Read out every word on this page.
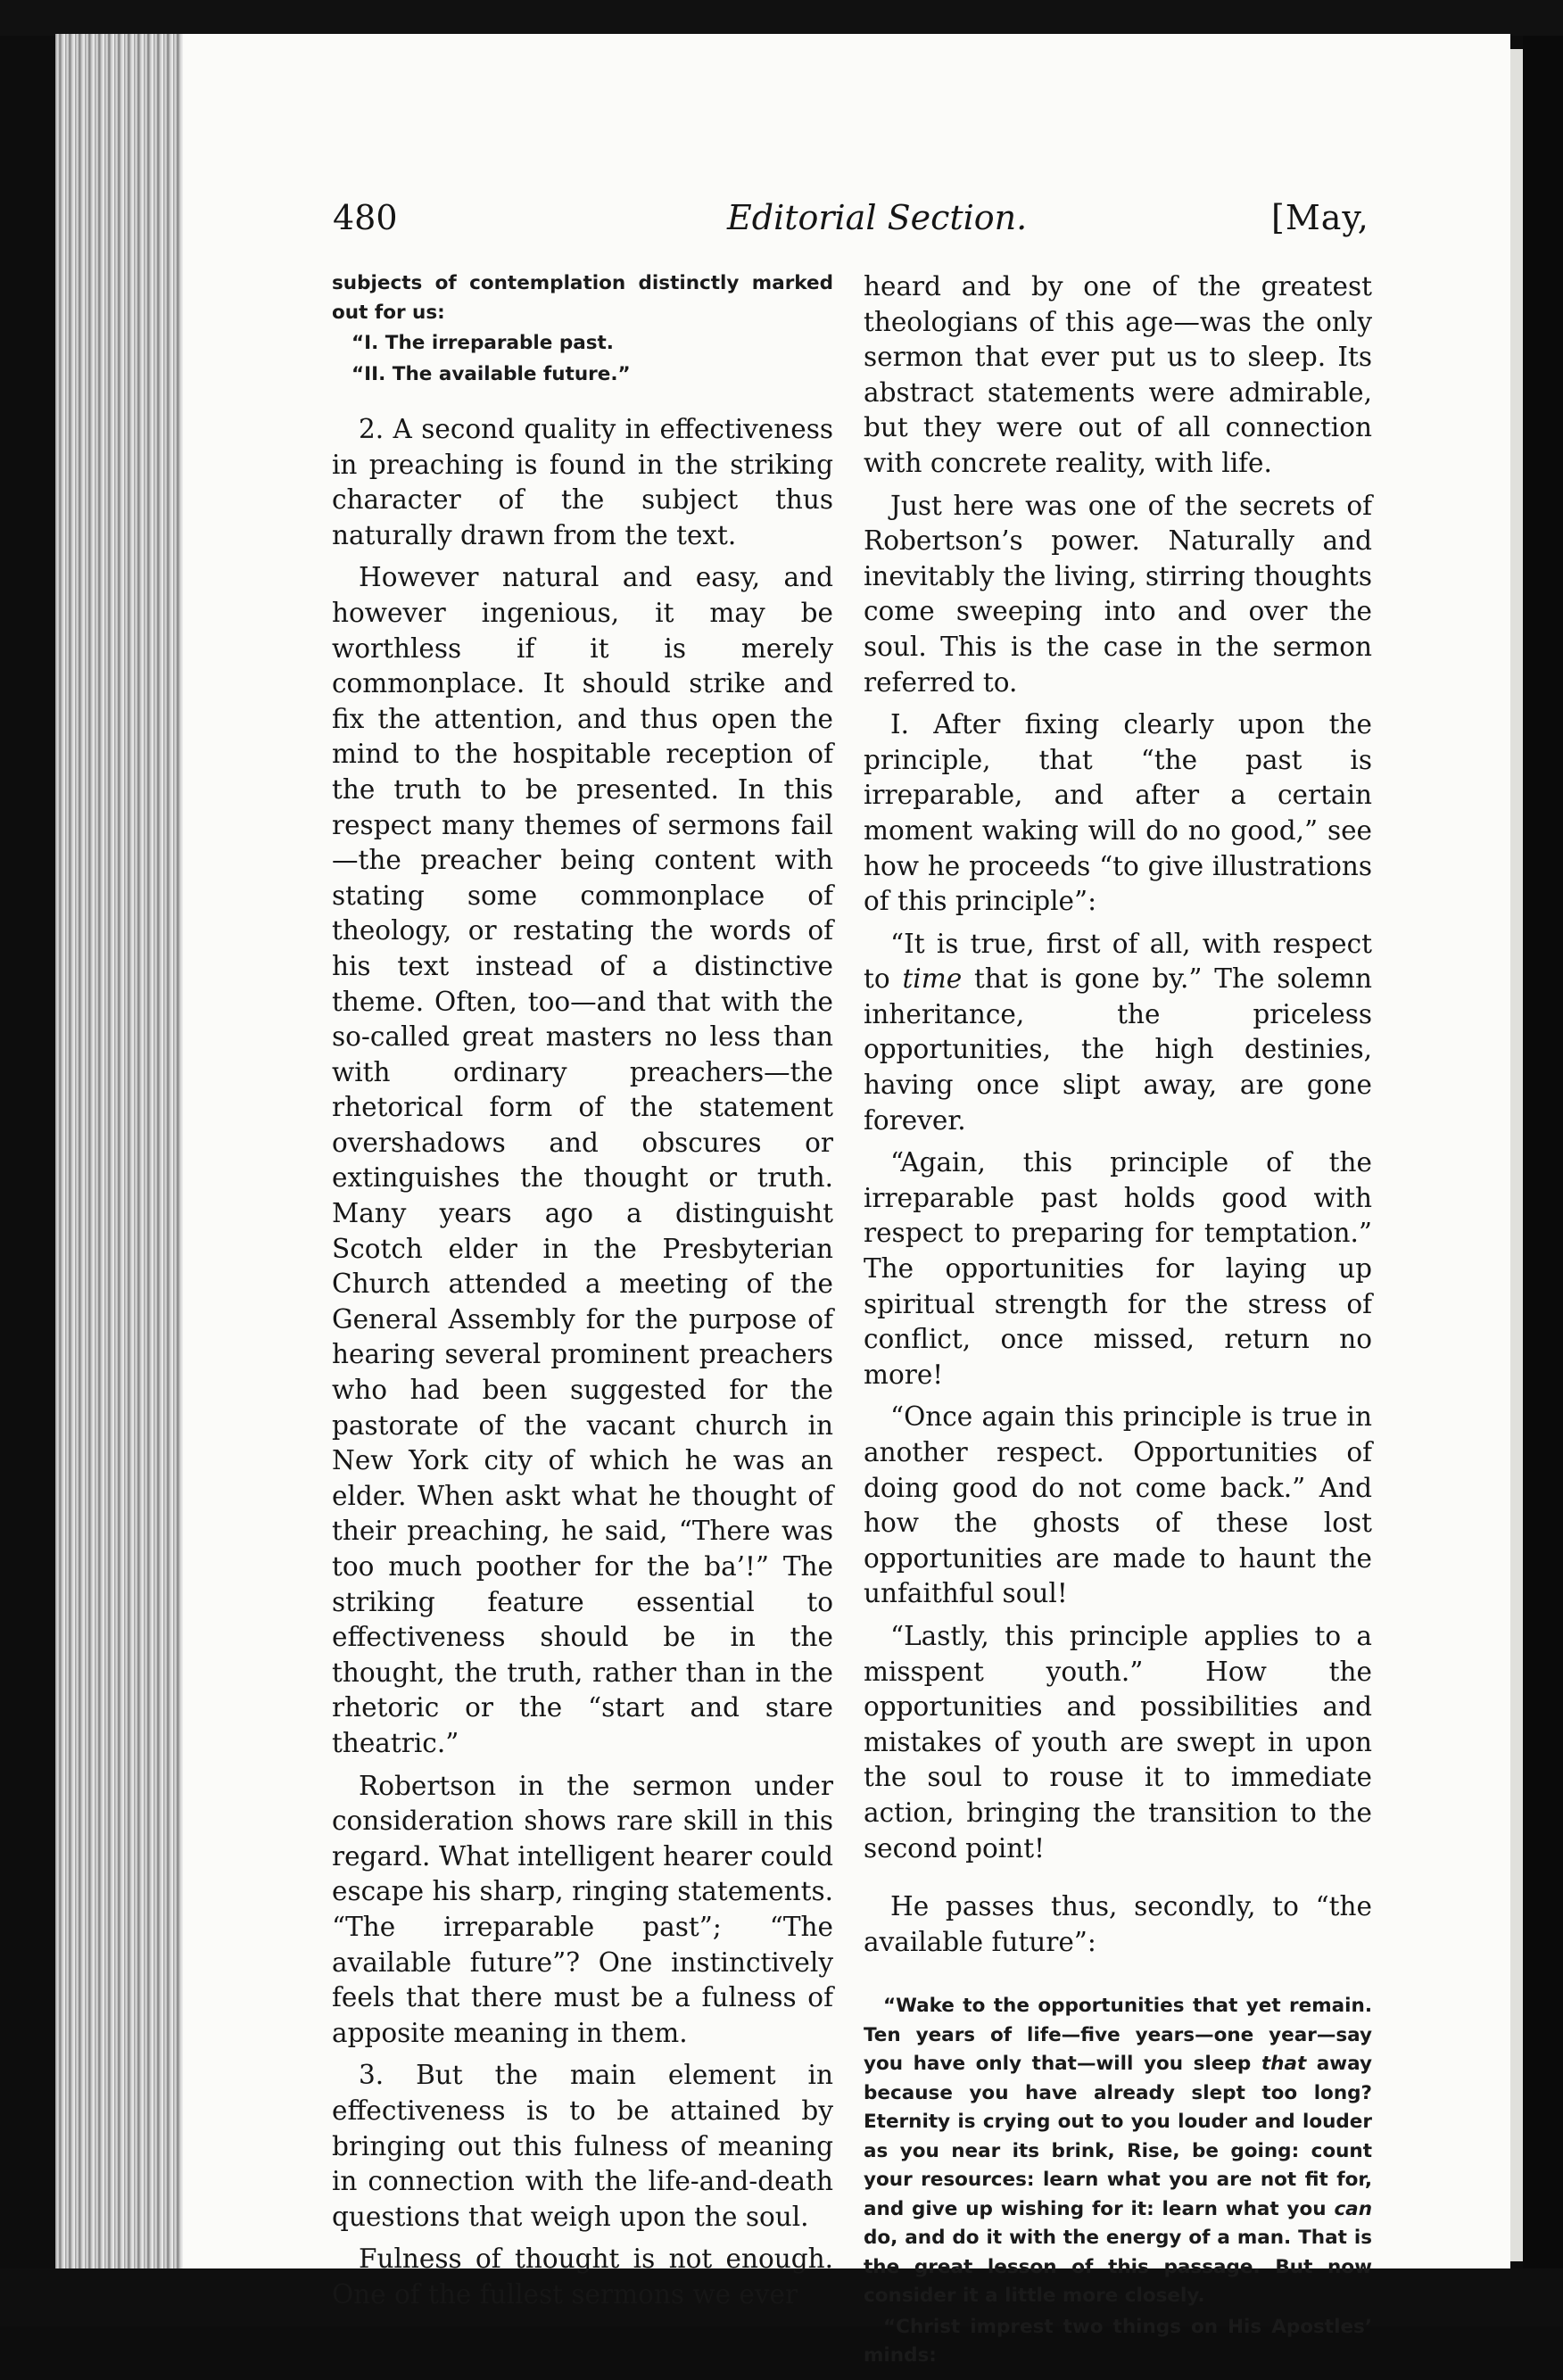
480	Editorial Section.	[May,

subjects of contemplation distinctly marked out for us:

“I. The irreparable past.

“II. The available future.”

2. A second quality in effectiveness in preaching is found in the striking character of the subject thus naturally drawn from the text.

However natural and easy, and however ingenious, it may be worthless if it is merely commonplace. It should strike and fix the attention, and thus open the mind to the hospitable reception of the truth to be presented. In this respect many themes of sermons fail—the preacher being content with stating some commonplace of theology, or restating the words of his text instead of a distinctive theme. Often, too—and that with the so-called great masters no less than with ordinary preachers—the rhetorical form of the statement overshadows and obscures or extinguishes the thought or truth. Many years ago a distinguisht Scotch elder in the Presbyterian Church attended a meeting of the General Assembly for the purpose of hearing several prominent preachers who had been suggested for the pastorate of the vacant church in New York city of which he was an elder. When askt what he thought of their preaching, he said, “There was too much poother for the ba’!” The striking feature essential to effectiveness should be in the thought, the truth, rather than in the rhetoric or the “start and stare theatric.”

Robertson in the sermon under consideration shows rare skill in this regard. What intelligent hearer could escape his sharp, ringing statements. “The irreparable past”; “The available future”? One instinctively feels that there must be a fulness of apposite meaning in them.

3. But the main element in effectiveness is to be attained by bringing out this fulness of meaning in connection with the life-and-death questions that weigh upon the soul.

Fulness of thought is not enough. One of the fullest sermons we ever

heard and by one of the greatest theologians of this age—was the only sermon that ever put us to sleep. Its abstract statements were admirable, but they were out of all connection with concrete reality, with life.

Just here was one of the secrets of Robertson’s power. Naturally and inevitably the living, stirring thoughts come sweeping into and over the soul. This is the case in the sermon referred to.

I. After fixing clearly upon the principle, that “the past is irreparable, and after a certain moment waking will do no good,” see how he proceeds “to give illustrations of this principle”:

“It is true, first of all, with respect to time that is gone by.” The solemn inheritance, the priceless opportunities, the high destinies, having once slipt away, are gone forever.

“Again, this principle of the irreparable past holds good with respect to preparing for temptation.” The opportunities for laying up spiritual strength for the stress of conflict, once missed, return no more!

“Once again this principle is true in another respect. Opportunities of doing good do not come back.” And how the ghosts of these lost opportunities are made to haunt the unfaithful soul!

“Lastly, this principle applies to a misspent youth.” How the opportunities and possibilities and mistakes of youth are swept in upon the soul to rouse it to immediate action, bringing the transition to the second point!

He passes thus, secondly, to “the available future”:

“Wake to the opportunities that yet remain. Ten years of life—five years—one year—say you have only that—will you sleep that away because you have already slept too long? Eternity is crying out to you louder and louder as you near its brink, Rise, be going: count your resources: learn what you are not fit for, and give up wishing for it: learn what you can do, and do it with the energy of a man. That is the great lesson of this passage. But now consider it a little more closely.

“Christ imprest two things on His Apostles’ minds:
